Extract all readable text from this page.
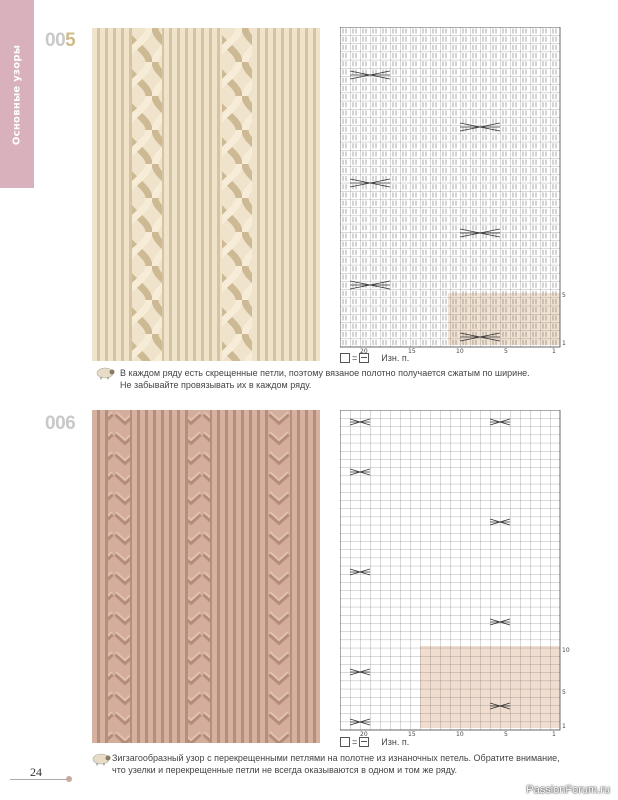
Основные узоры
005
5
1
20	15	10	5	1
=	Изн. п.
В каждом ряду есть скрещенные петли, поэтому вязаное полотно получается сжатым по ширине.
Не забывайте провязывать их в каждом ряду.
006
10
5
1
20	15	10	5	1
=	Изн. п.
Зигзагообразный узор с перекрещенными петлями на полотне из изнаночных петель. Обратите внимание,
что узелки и перекрещенные петли не всегда оказываются в одном и том же ряду.
24
PassionForum.ru
